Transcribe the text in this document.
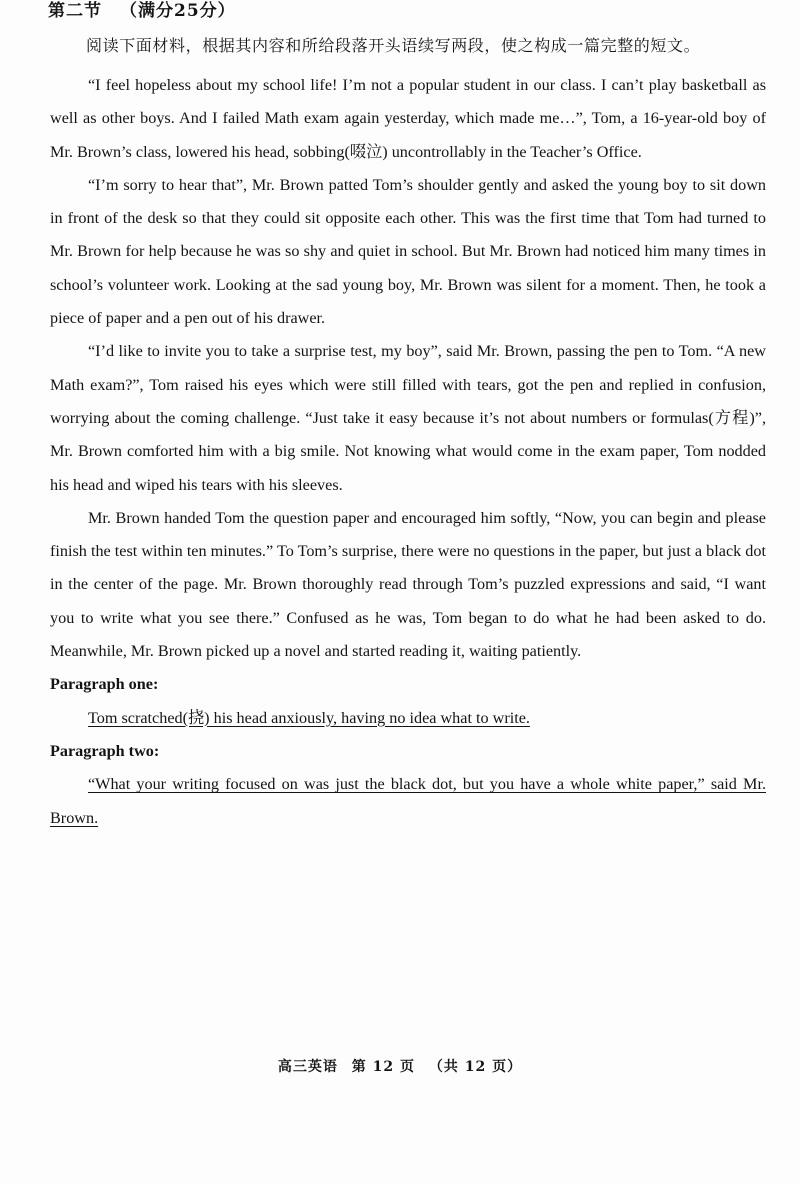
第二节 （满分25分）
阅读下面材料，根据其内容和所给段落开头语续写两段，使之构成一篇完整的短文。

“I feel hopeless about my school life! I’m not a popular student in our class. I can’t play basketball as well as other boys. And I failed Math exam again yesterday, which made me…”, Tom, a 16-year-old boy of Mr. Brown’s class, lowered his head, sobbing(啜泣) uncontrollably in the Teacher’s Office.

“I’m sorry to hear that”, Mr. Brown patted Tom’s shoulder gently and asked the young boy to sit down in front of the desk so that they could sit opposite each other. This was the first time that Tom had turned to Mr. Brown for help because he was so shy and quiet in school. But Mr. Brown had noticed him many times in school’s volunteer work. Looking at the sad young boy, Mr. Brown was silent for a moment. Then, he took a piece of paper and a pen out of his drawer.

“I’d like to invite you to take a surprise test, my boy”, said Mr. Brown, passing the pen to Tom. “A new Math exam?”, Tom raised his eyes which were still filled with tears, got the pen and replied in confusion, worrying about the coming challenge. “Just take it easy because it’s not about numbers or formulas(方程)”, Mr. Brown comforted him with a big smile. Not knowing what would come in the exam paper, Tom nodded his head and wiped his tears with his sleeves.

Mr. Brown handed Tom the question paper and encouraged him softly, “Now, you can begin and please finish the test within ten minutes.” To Tom’s surprise, there were no questions in the paper, but just a black dot in the center of the page. Mr. Brown thoroughly read through Tom’s puzzled expressions and said, “I want you to write what you see there.” Confused as he was, Tom began to do what he had been asked to do. Meanwhile, Mr. Brown picked up a novel and started reading it, waiting patiently.

Paragraph one:

Tom scratched(挠) his head anxiously, having no idea what to write.

Paragraph two:

“What your writing focused on was just the black dot, but you have a whole white paper,” said Mr. Brown.

高三英语 第 12 页 （共 12 页）
